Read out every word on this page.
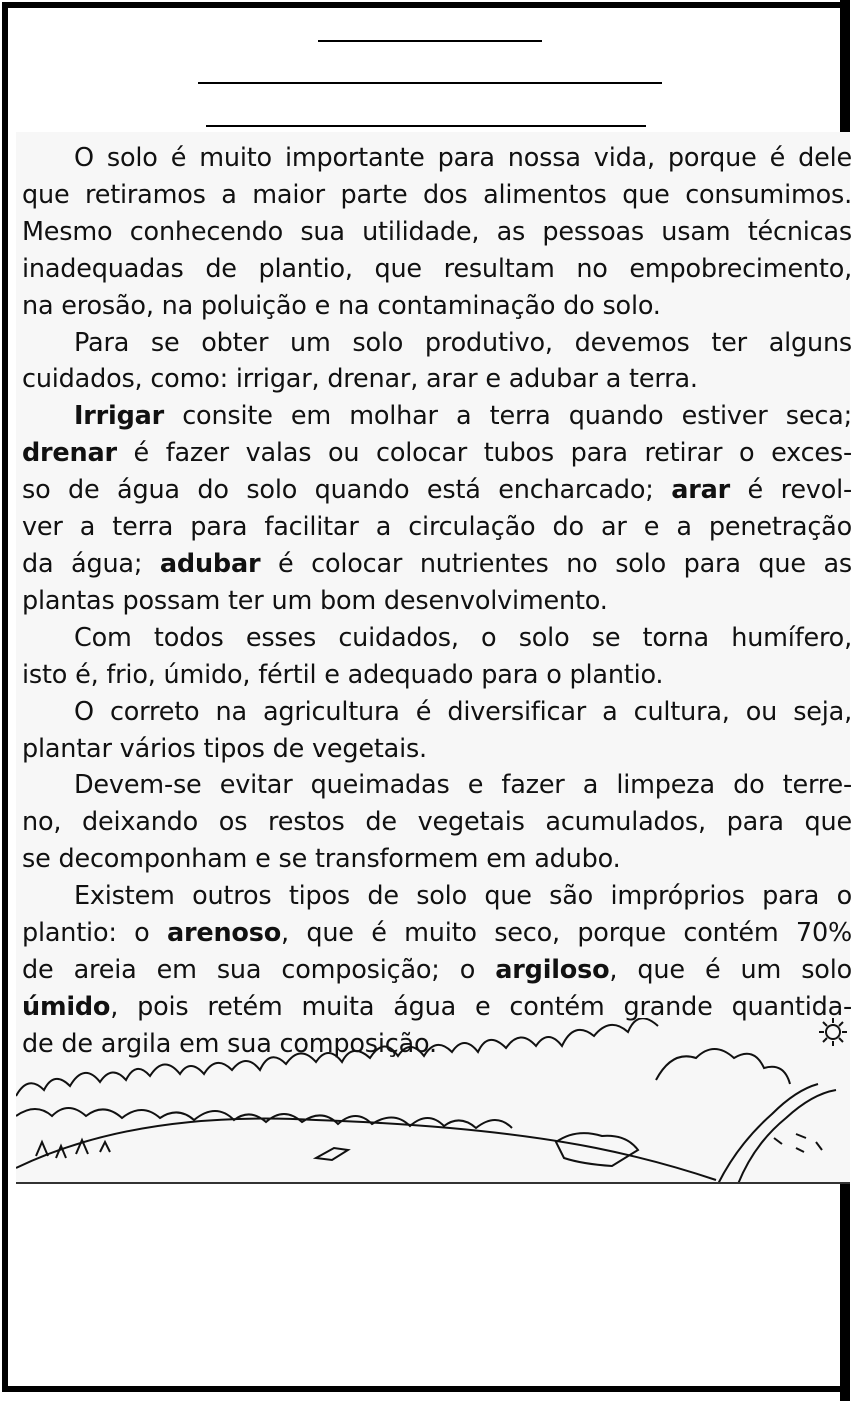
O solo é muito importante para nossa vida, porque é dele
que retiramos a maior parte dos alimentos que consumimos.
Mesmo conhecendo sua utilidade, as pessoas usam técnicas
inadequadas de plantio, que resultam no empobrecimento,
na erosão, na poluição e na contaminação do solo.

Para se obter um solo produtivo, devemos ter alguns
cuidados, como: irrigar, drenar, arar e adubar a terra.

Irrigar consite em molhar a terra quando estiver seca;
drenar é fazer valas ou colocar tubos para retirar o exces-
so de água do solo quando está encharcado; arar é revol-
ver a terra para facilitar a circulação do ar e a penetração
da água; adubar é colocar nutrientes no solo para que as
plantas possam ter um bom desenvolvimento.

Com todos esses cuidados, o solo se torna humífero,
isto é, frio, úmido, fértil e adequado para o plantio.

O correto na agricultura é diversificar a cultura, ou seja,
plantar vários tipos de vegetais.

Devem-se evitar queimadas e fazer a limpeza do terre-
no, deixando os restos de vegetais acumulados, para que
se decomponham e se transformem em adubo.

Existem outros tipos de solo que são impróprios para o
plantio: o arenoso, que é muito seco, porque contém 70%
de areia em sua composição; o argiloso, que é um solo
úmido, pois retém muita água e contém grande quantida-
de de argila em sua composição.
